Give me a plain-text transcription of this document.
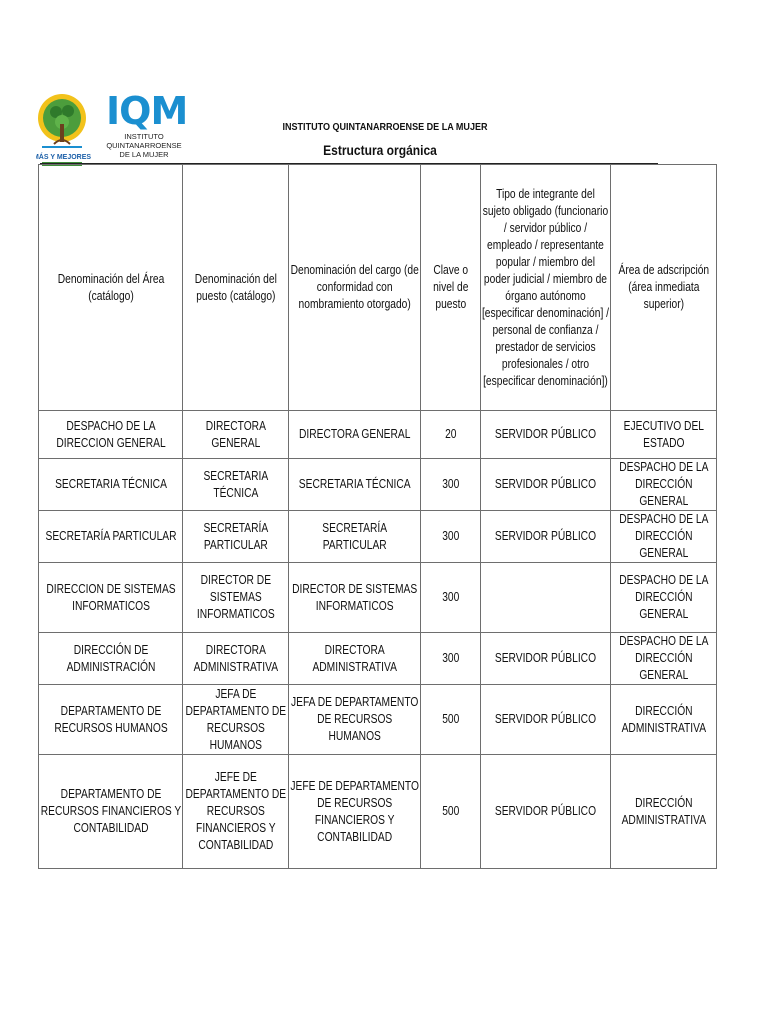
MÁS Y MEJORES
IQM
INSTITUTO QUINTANARROENSE
DE LA MUJER
INSTITUTO QUINTANARROENSE DE LA MUJER
Estructura orgánica
Denominación del Área (catálogo)	Denominación del puesto (catálogo)	Denominación del cargo (de conformidad con nombramiento otorgado)	Clave o nivel de puesto	Tipo de integrante del sujeto obligado (funcionario / servidor público / empleado / representante popular / miembro del poder judicial / miembro de órgano autónomo [especificar denominación] / personal de confianza / prestador de servicios profesionales / otro [especificar denominación])	Área de adscripción (área inmediata superior)
DESPACHO DE LA DIRECCION GENERAL	DIRECTORA GENERAL	DIRECTORA GENERAL	20	SERVIDOR PÚBLICO	EJECUTIVO DEL ESTADO
SECRETARIA TÉCNICA	SECRETARIA TÉCNICA	SECRETARIA TÉCNICA	300	SERVIDOR PÚBLICO	DESPACHO DE LA DIRECCIÓN GENERAL
SECRETARÍA PARTICULAR	SECRETARÍA PARTICULAR	SECRETARÍA PARTICULAR	300	SERVIDOR PÚBLICO	DESPACHO DE LA DIRECCIÓN GENERAL
DIRECCION DE SISTEMAS INFORMATICOS	DIRECTOR DE SISTEMAS INFORMATICOS	DIRECTOR DE SISTEMAS INFORMATICOS	300		DESPACHO DE LA DIRECCIÓN GENERAL
DIRECCIÓN DE ADMINISTRACIÓN	DIRECTORA ADMINISTRATIVA	DIRECTORA ADMINISTRATIVA	300	SERVIDOR PÚBLICO	DESPACHO DE LA DIRECCIÓN GENERAL
DEPARTAMENTO DE RECURSOS HUMANOS	JEFA DE DEPARTAMENTO DE RECURSOS HUMANOS	JEFA DE DEPARTAMENTO DE RECURSOS HUMANOS	500	SERVIDOR PÚBLICO	DIRECCIÓN ADMINISTRATIVA
DEPARTAMENTO DE RECURSOS FINANCIEROS Y CONTABILIDAD	JEFE DE DEPARTAMENTO DE RECURSOS FINANCIEROS Y CONTABILIDAD	JEFE DE DEPARTAMENTO DE RECURSOS FINANCIEROS Y CONTABILIDAD	500	SERVIDOR PÚBLICO	DIRECCIÓN ADMINISTRATIVA
